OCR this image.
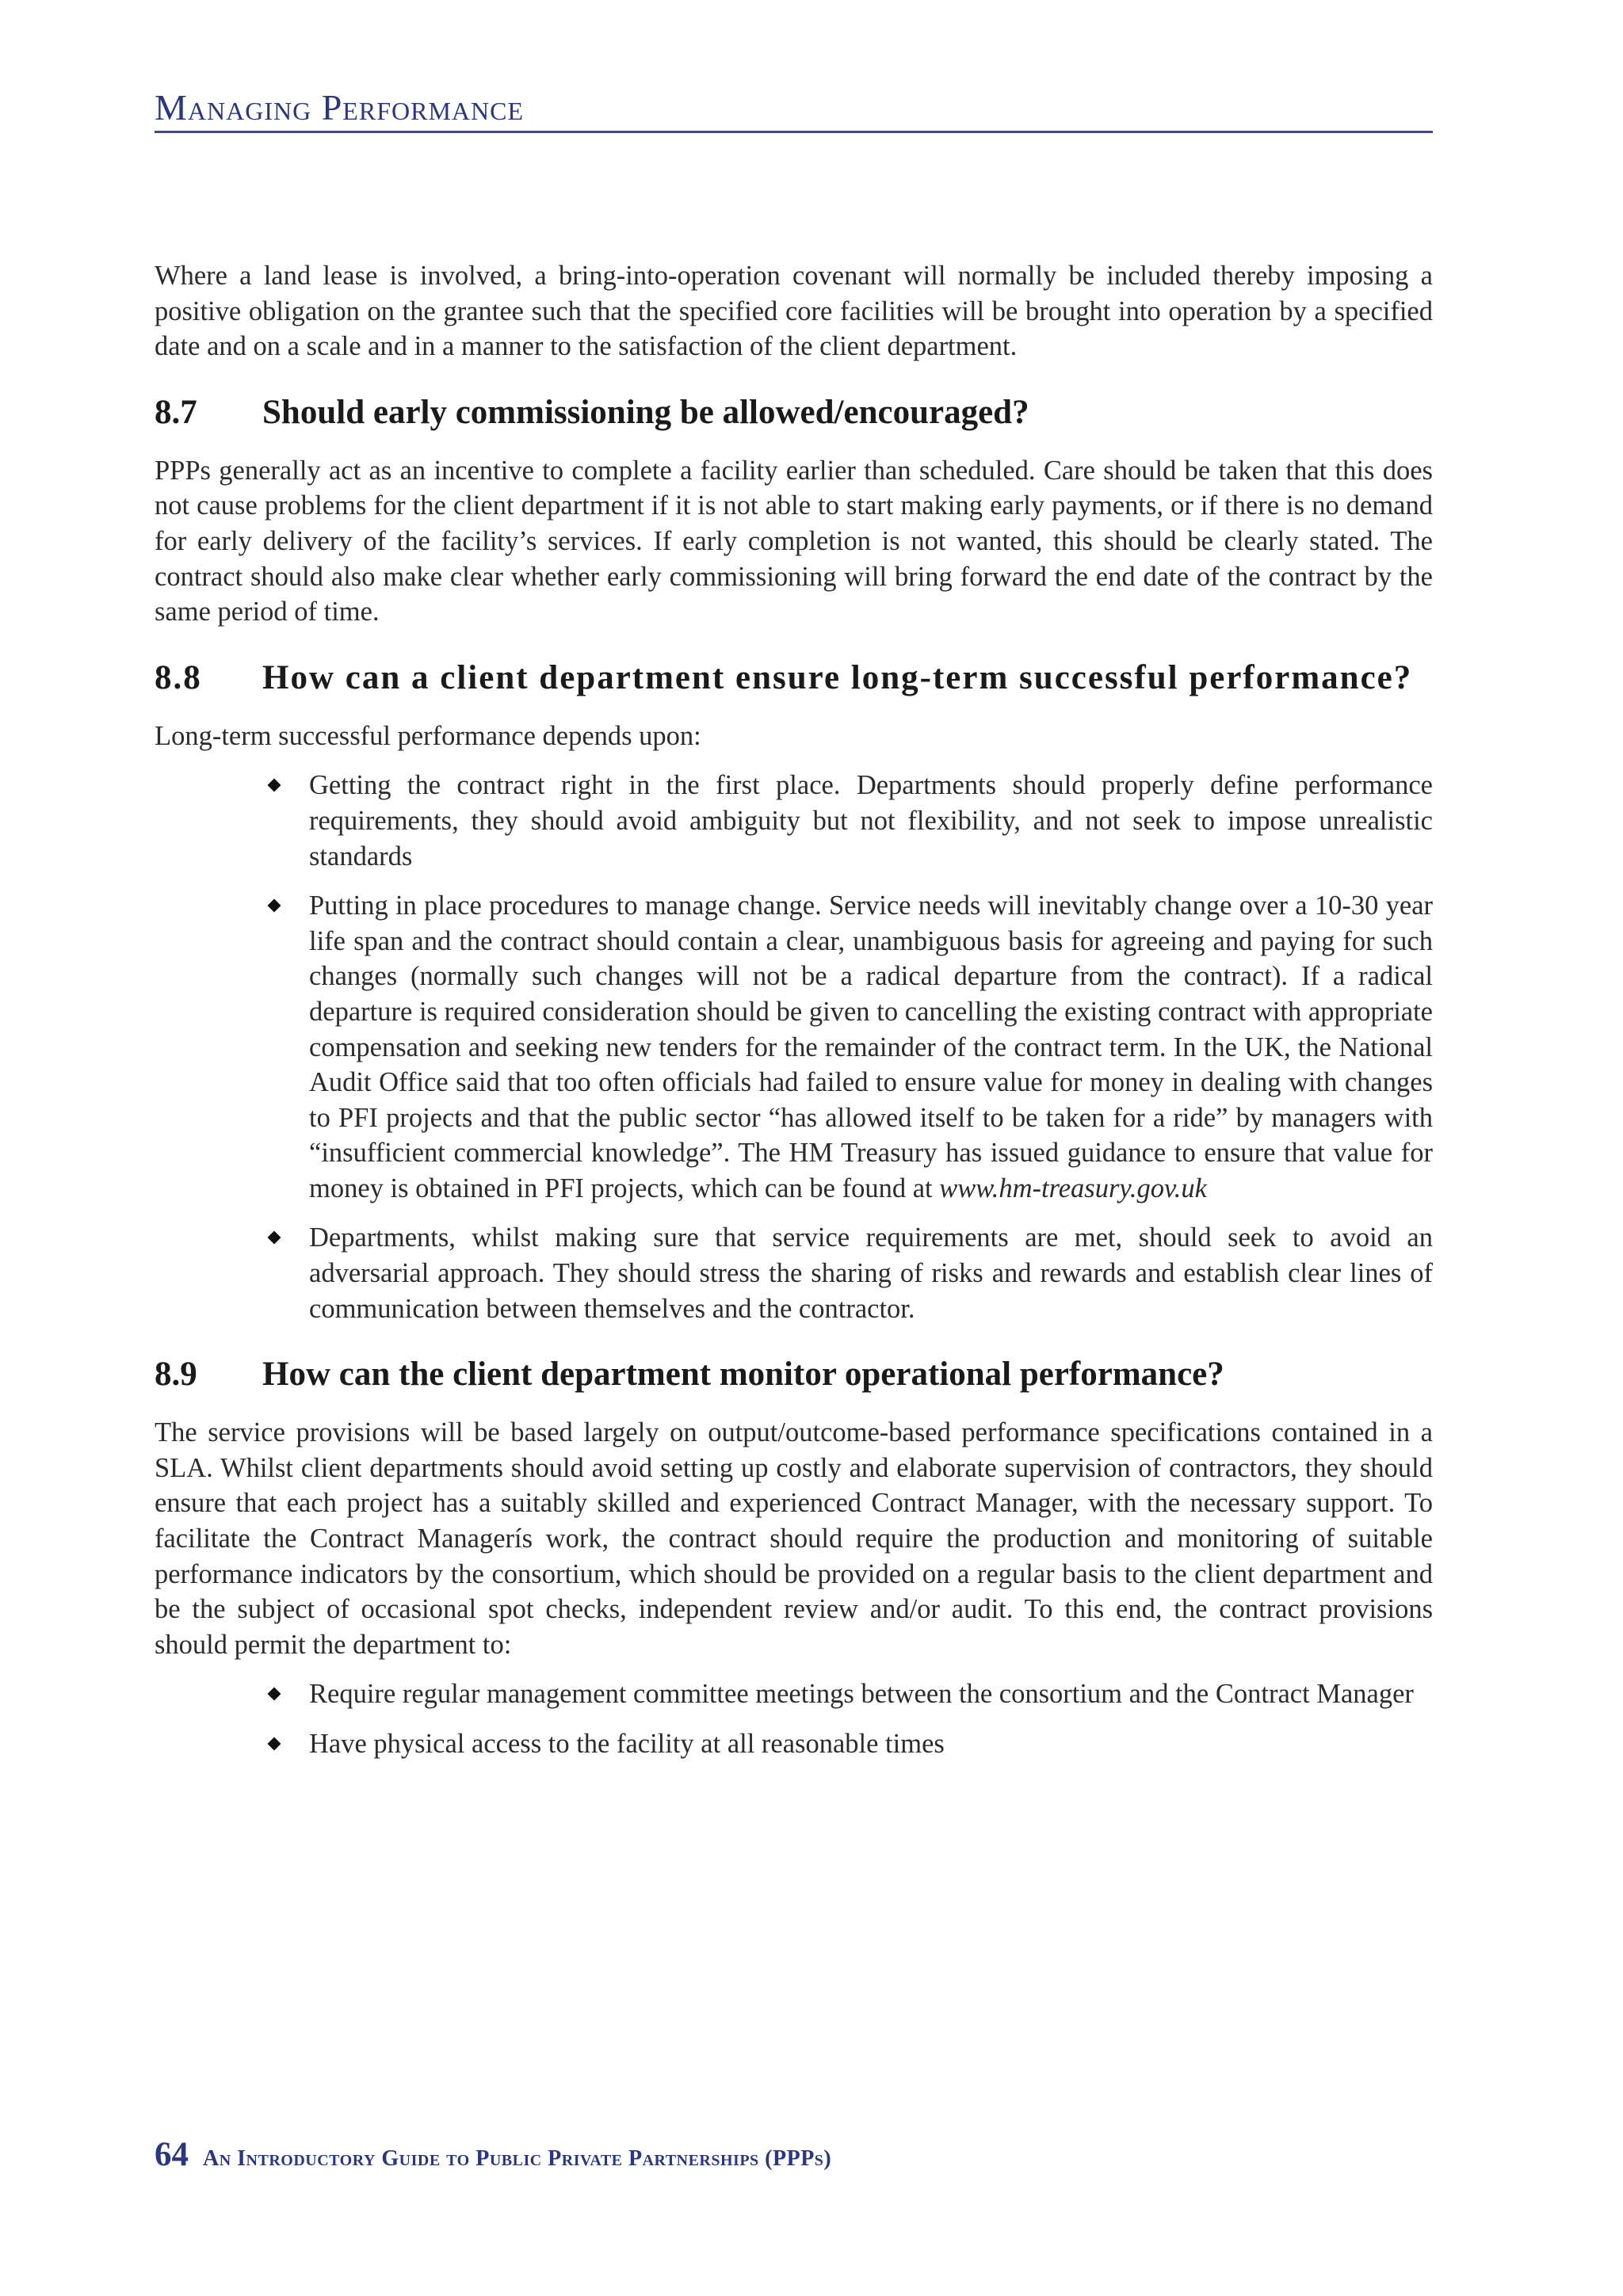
Managing Performance

Where a land lease is involved, a bring-into-operation covenant will normally be included thereby imposing a positive obligation on the grantee such that the specified core facilities will be brought into operation by a specified date and on a scale and in a manner to the satisfaction of the client department.

8.7	Should early commissioning be allowed/encouraged?

PPPs generally act as an incentive to complete a facility earlier than scheduled. Care should be taken that this does not cause problems for the client department if it is not able to start making early payments, or if there is no demand for early delivery of the facility’s services. If early completion is not wanted, this should be clearly stated. The contract should also make clear whether early commissioning will bring forward the end date of the contract by the same period of time.

8.8	How can a client department ensure long-term successful performance?

Long-term successful performance depends upon:

Getting the contract right in the first place. Departments should properly define performance requirements, they should avoid ambiguity but not flexibility, and not seek to impose unrealistic standards
Putting in place procedures to manage change. Service needs will inevitably change over a 10-30 year life span and the contract should contain a clear, unambiguous basis for agreeing and paying for such changes (normally such changes will not be a radical departure from the contract). If a radical departure is required consideration should be given to cancelling the existing contract with appropriate compensation and seeking new tenders for the remainder of the contract term. In the UK, the National Audit Office said that too often officials had failed to ensure value for money in dealing with changes to PFI projects and that the public sector “has allowed itself to be taken for a ride” by managers with “insufficient commercial knowledge”. The HM Treasury has issued guidance to ensure that value for money is obtained in PFI projects, which can be found at www.hm-treasury.gov.uk
Departments, whilst making sure that service requirements are met, should seek to avoid an adversarial approach. They should stress the sharing of risks and rewards and establish clear lines of communication between themselves and the contractor.
8.9	How can the client department monitor operational performance?

The service provisions will be based largely on output/outcome-based performance specifications contained in a SLA. Whilst client departments should avoid setting up costly and elaborate supervision of contractors, they should ensure that each project has a suitably skilled and experienced Contract Manager, with the necessary support. To facilitate the Contract Managerís work, the contract should require the production and monitoring of suitable performance indicators by the consortium, which should be provided on a regular basis to the client department and be the subject of occasional spot checks, independent review and/or audit. To this end, the contract provisions should permit the department to:

Require regular management committee meetings between the consortium and the Contract Manager
Have physical access to the facility at all reasonable times
64 An Introductory Guide to Public Private Partnerships (PPPs)
